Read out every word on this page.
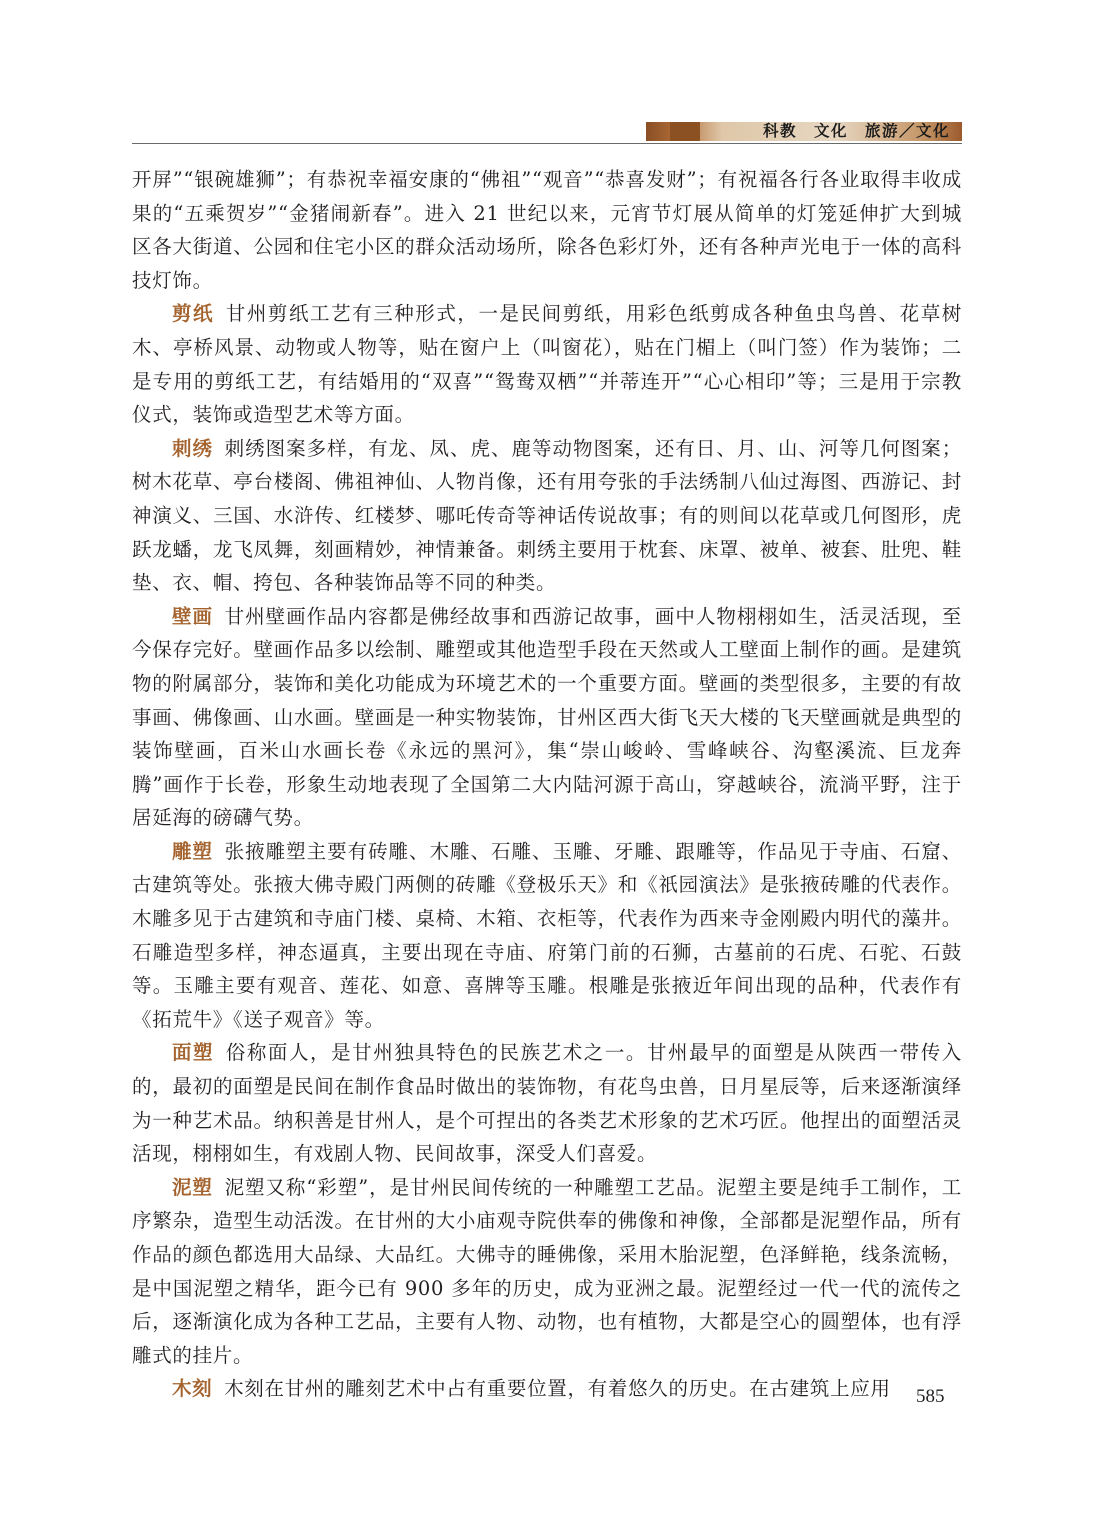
科教　文化　旅游／文化

开屏”“银碗雄狮”；有恭祝幸福安康的“佛祖”“观音”“恭喜发财”；有祝福各行各业取得丰收成果的“五乘贺岁”“金猪闹新春”。进入 21 世纪以来，元宵节灯展从简单的灯笼延伸扩大到城区各大街道、公园和住宅小区的群众活动场所，除各色彩灯外，还有各种声光电于一体的高科技灯饰。

剪纸 甘州剪纸工艺有三种形式，一是民间剪纸，用彩色纸剪成各种鱼虫鸟兽、花草树木、亭桥风景、动物或人物等，贴在窗户上（叫窗花），贴在门楣上（叫门签）作为装饰；二是专用的剪纸工艺，有结婚用的“双喜”“鸳鸯双栖”“并蒂连开”“心心相印”等；三是用于宗教仪式，装饰或造型艺术等方面。

刺绣 刺绣图案多样，有龙、凤、虎、鹿等动物图案，还有日、月、山、河等几何图案；树木花草、亭台楼阁、佛祖神仙、人物肖像，还有用夸张的手法绣制八仙过海图、西游记、封神演义、三国、水浒传、红楼梦、哪吒传奇等神话传说故事；有的则间以花草或几何图形，虎跃龙蟠，龙飞凤舞，刻画精妙，神情兼备。刺绣主要用于枕套、床罩、被单、被套、肚兜、鞋垫、衣、帽、挎包、各种装饰品等不同的种类。

壁画 甘州壁画作品内容都是佛经故事和西游记故事，画中人物栩栩如生，活灵活现，至今保存完好。壁画作品多以绘制、雕塑或其他造型手段在天然或人工壁面上制作的画。是建筑物的附属部分，装饰和美化功能成为环境艺术的一个重要方面。壁画的类型很多，主要的有故事画、佛像画、山水画。壁画是一种实物装饰，甘州区西大街飞天大楼的飞天壁画就是典型的装饰壁画，百米山水画长卷《永远的黑河》，集“崇山峻岭、雪峰峡谷、沟壑溪流、巨龙奔腾”画作于长卷，形象生动地表现了全国第二大内陆河源于高山，穿越峡谷，流淌平野，注于居延海的磅礴气势。

雕塑 张掖雕塑主要有砖雕、木雕、石雕、玉雕、牙雕、跟雕等，作品见于寺庙、石窟、古建筑等处。张掖大佛寺殿门两侧的砖雕《登极乐天》和《祇园演法》是张掖砖雕的代表作。木雕多见于古建筑和寺庙门楼、桌椅、木箱、衣柜等，代表作为西来寺金刚殿内明代的藻井。石雕造型多样，神态逼真，主要出现在寺庙、府第门前的石狮，古墓前的石虎、石驼、石鼓等。玉雕主要有观音、莲花、如意、喜牌等玉雕。根雕是张掖近年间出现的品种，代表作有《拓荒牛》《送子观音》等。

面塑 俗称面人，是甘州独具特色的民族艺术之一。甘州最早的面塑是从陕西一带传入的，最初的面塑是民间在制作食品时做出的装饰物，有花鸟虫兽，日月星辰等，后来逐渐演绎为一种艺术品。纳积善是甘州人，是个可捏出的各类艺术形象的艺术巧匠。他捏出的面塑活灵活现，栩栩如生，有戏剧人物、民间故事，深受人们喜爱。

泥塑 泥塑又称“彩塑”，是甘州民间传统的一种雕塑工艺品。泥塑主要是纯手工制作，工序繁杂，造型生动活泼。在甘州的大小庙观寺院供奉的佛像和神像，全部都是泥塑作品，所有作品的颜色都选用大品绿、大品红。大佛寺的睡佛像，采用木胎泥塑，色泽鲜艳，线条流畅，是中国泥塑之精华，距今已有 900 多年的历史，成为亚洲之最。泥塑经过一代一代的流传之后，逐渐演化成为各种工艺品，主要有人物、动物，也有植物，大都是空心的圆塑体，也有浮雕式的挂片。

木刻 木刻在甘州的雕刻艺术中占有重要位置，有着悠久的历史。在古建筑上应用	585
